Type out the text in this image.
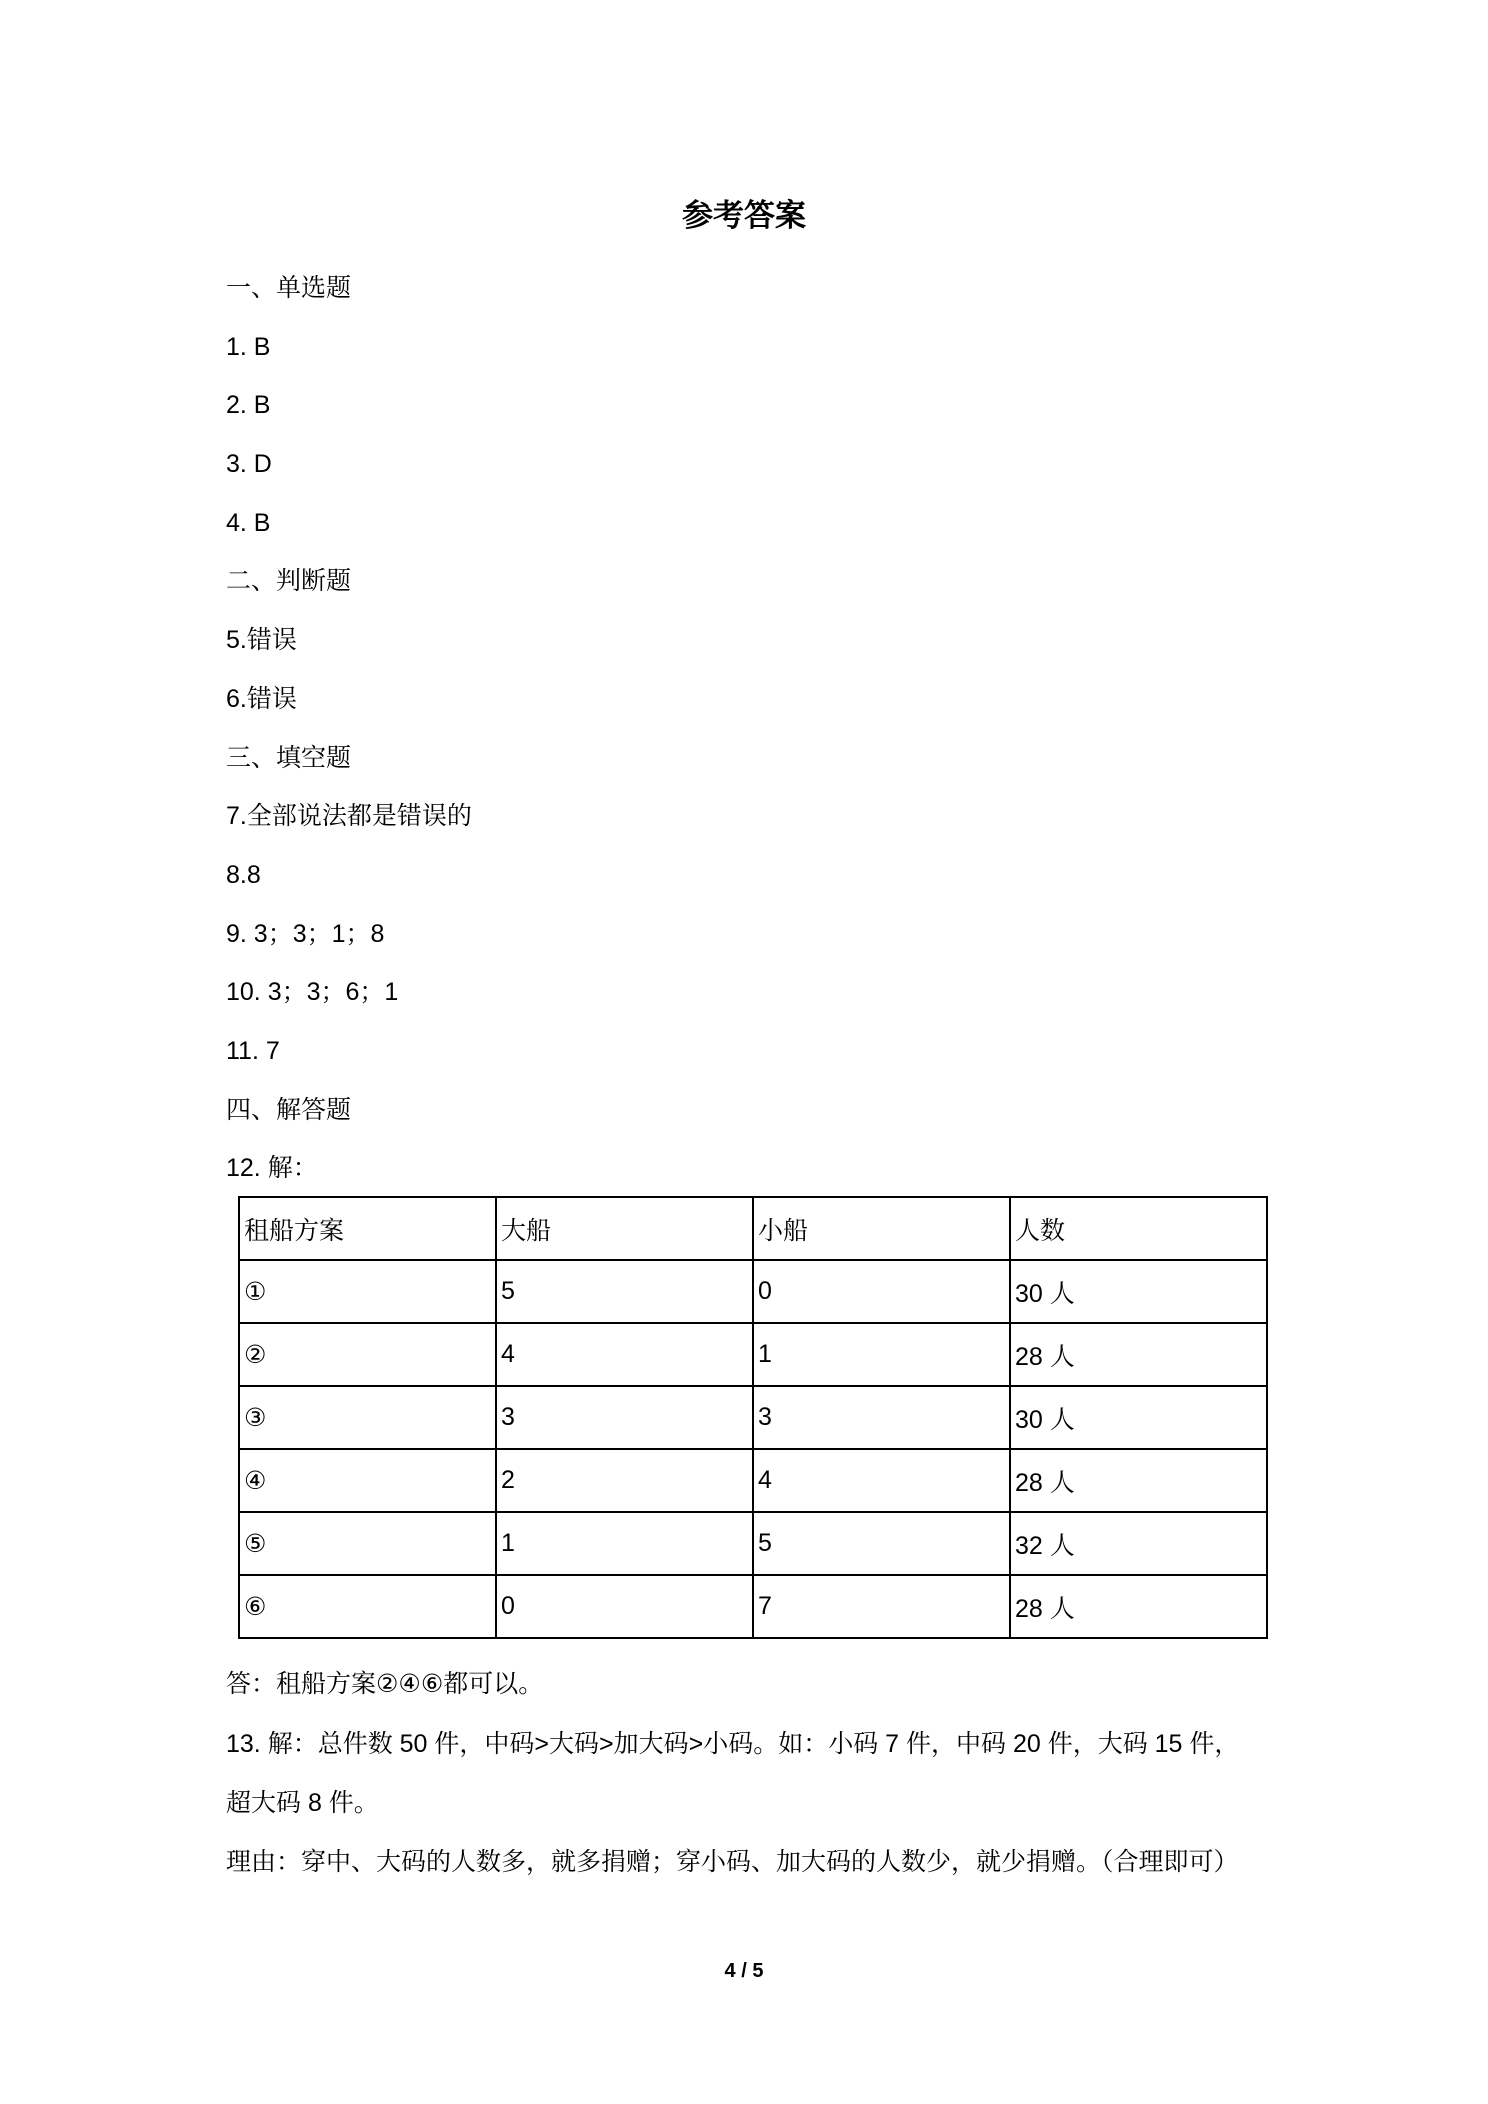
参考答案
一、单选题
1. B
2. B
3. D
4. B
二、判断题
5.错误
6.错误
三、填空题
7.全部说法都是错误的
8.8
9. 3；3；1；8
10. 3；3；6；1
11. 7
四、解答题
12. 解：
租船方案	大船	小船	人数
①	5	0	30 人
②	4	1	28 人
③	3	3	30 人
④	2	4	28 人
⑤	1	5	32 人
⑥	0	7	28 人
答：租船方案②④⑥都可以。
13. 解：总件数 50 件，中码>大码>加大码>小码。如：小码 7 件，中码 20 件，大码 15 件，
超大码 8 件。
理由：穿中、大码的人数多，就多捐赠；穿小码、加大码的人数少，就少捐赠。（合理即可）
4 / 5
